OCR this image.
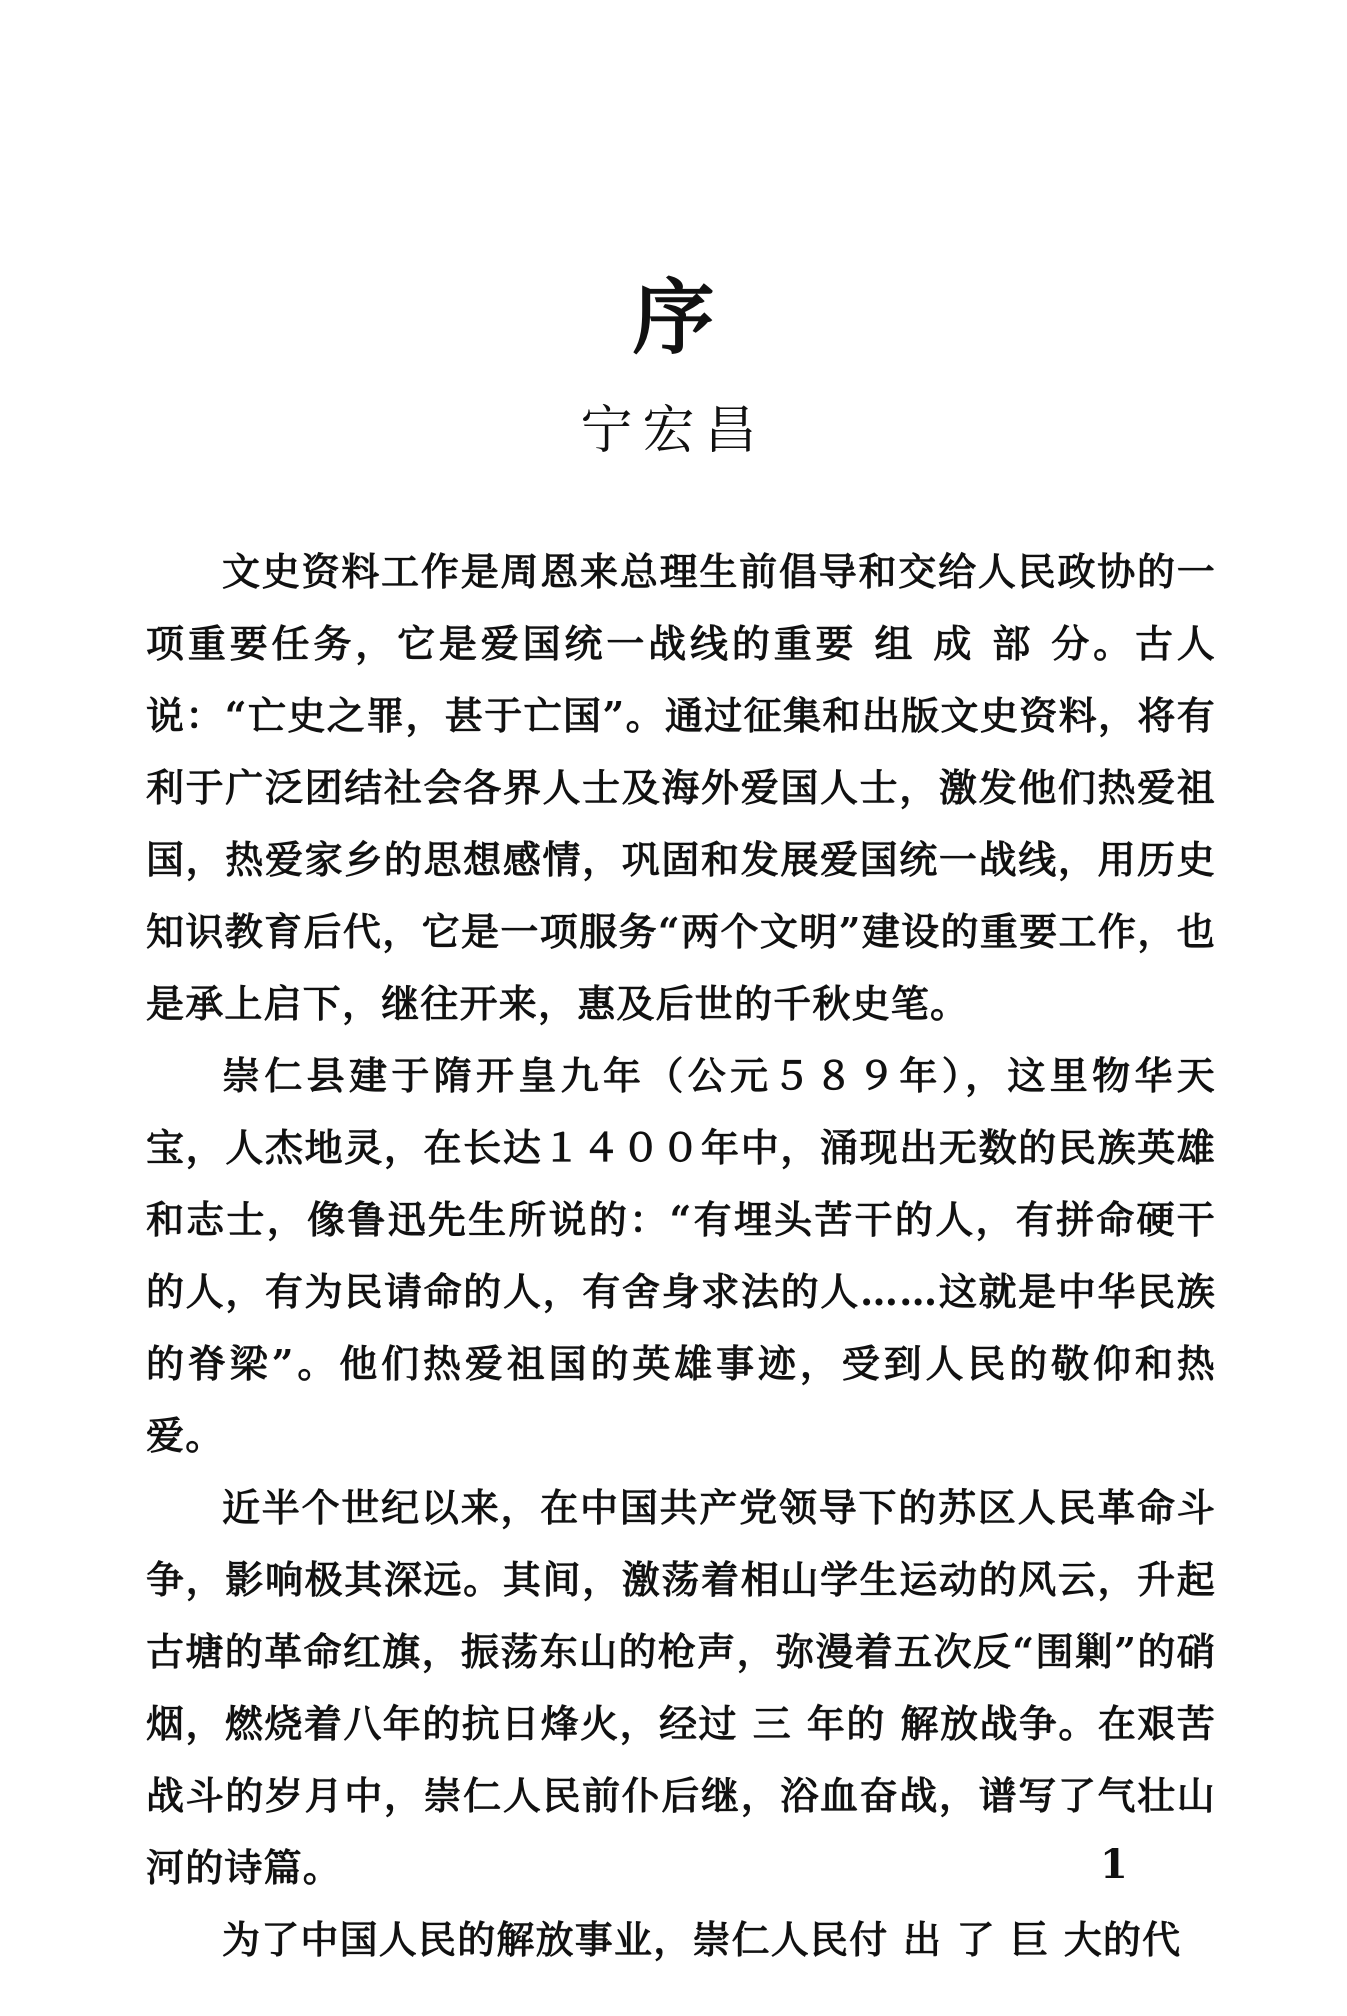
序
宁宏昌

文史资料工作是周恩来总理生前倡导和交给人民政协的一项重要任务，它是爱国统一战线的重要 组 成 部 分。古人说：“亡史之罪，甚于亡国”。通过征集和出版文史资料，将有利于广泛团结社会各界人士及海外爱国人士，激发他们热爱祖国，热爱家乡的思想感情，巩固和发展爱国统一战线，用历史知识教育后代，它是一项服务“两个文明”建设的重要工作，也是承上启下，继往开来，惠及后世的千秋史笔。

崇仁县建于隋开皇九年（公元５８９年），这里物华天宝，人杰地灵，在长达１４００年中，涌现出无数的民族英雄和志士，像鲁迅先生所说的：“有埋头苦干的人，有拼命硬干的人，有为民请命的人，有舍身求法的人……这就是中华民族的脊梁”。他们热爱祖国的英雄事迹，受到人民的敬仰和热爱。

近半个世纪以来，在中国共产党领导下的苏区人民革命斗争，影响极其深远。其间，激荡着相山学生运动的风云，升起古塘的革命红旗，振荡东山的枪声，弥漫着五次反“围剿”的硝烟，燃烧着八年的抗日烽火，经过 三 年的 解放战争。在艰苦战斗的岁月中，崇仁人民前仆后继，浴血奋战，谱写了气壮山河的诗篇。

为了中国人民的解放事业，崇仁人民付 出 了 巨 大的代

1
